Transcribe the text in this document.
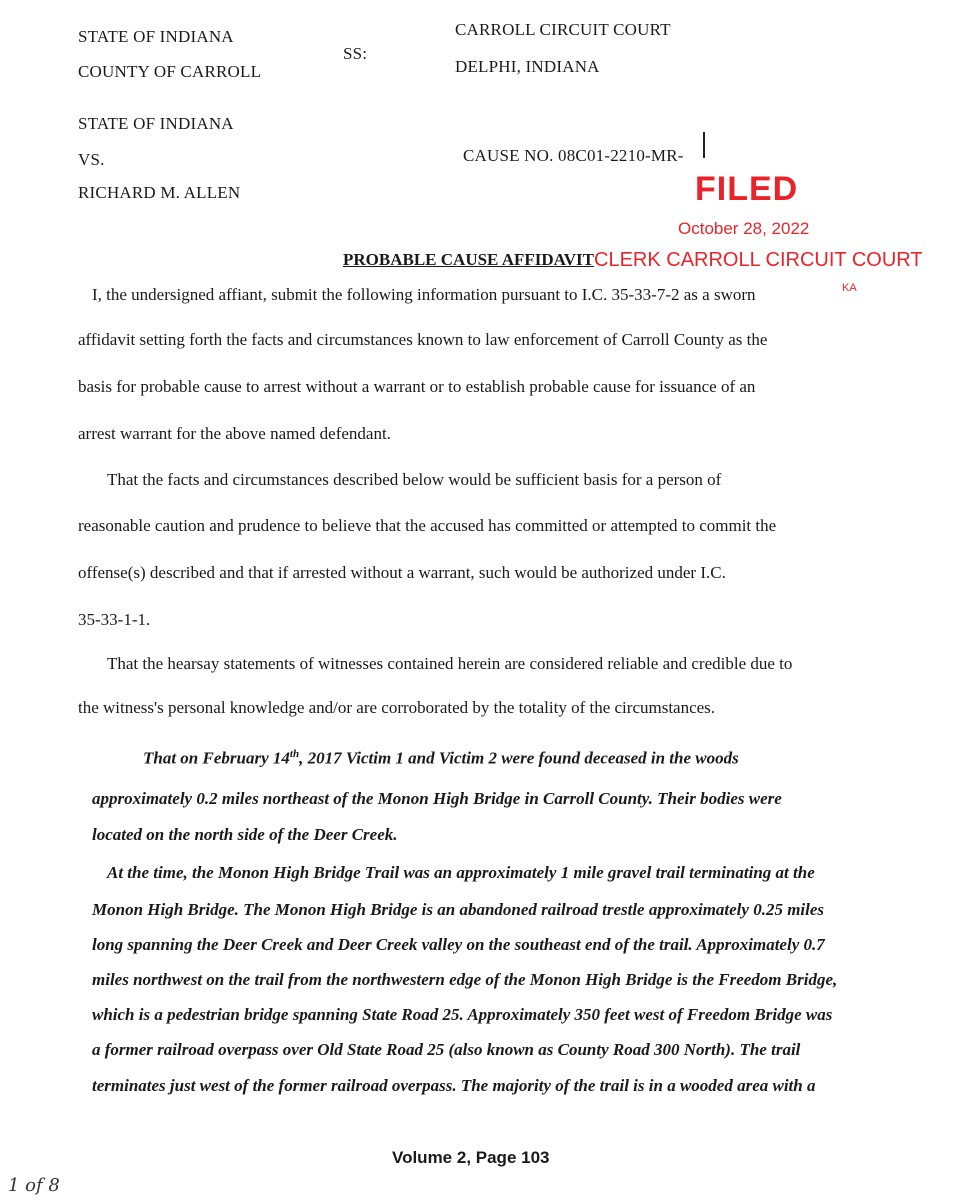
STATE OF INDIANA
COUNTY OF CARROLL
SS:
CARROLL CIRCUIT COURT
DELPHI, INDIANA
STATE OF INDIANA
VS.
RICHARD M. ALLEN
CAUSE NO. 08C01-2210-MR-
FILED
October 28, 2022
CLERK CARROLL CIRCUIT COURT
KA
PROBABLE CAUSE AFFIDAVIT
I, the undersigned affiant, submit the following information pursuant to I.C. 35-33-7-2 as a sworn
affidavit setting forth the facts and circumstances known to law enforcement of Carroll County as the
basis for probable cause to arrest without a warrant or to establish probable cause for issuance of an
arrest warrant for the above named defendant.
That the facts and circumstances described below would be sufficient basis for a person of
reasonable caution and prudence to believe that the accused has committed or attempted to commit the
offense(s) described and that if arrested without a warrant, such would be authorized under I.C.
35-33-1-1.
That the hearsay statements of witnesses contained herein are considered reliable and credible due to
the witness's personal knowledge and/or are corroborated by the totality of the circumstances.
That on February 14th, 2017 Victim 1 and Victim 2 were found deceased in the woods
approximately 0.2 miles northeast of the Monon High Bridge in Carroll County. Their bodies were
located on the north side of the Deer Creek.
At the time, the Monon High Bridge Trail was an approximately 1 mile gravel trail terminating at the
Monon High Bridge. The Monon High Bridge is an abandoned railroad trestle approximately 0.25 miles
long spanning the Deer Creek and Deer Creek valley on the southeast end of the trail. Approximately 0.7
miles northwest on the trail from the northwestern edge of the Monon High Bridge is the Freedom Bridge,
which is a pedestrian bridge spanning State Road 25. Approximately 350 feet west of Freedom Bridge was
a former railroad overpass over Old State Road 25 (also known as County Road 300 North). The trail
terminates just west of the former railroad overpass. The majority of the trail is in a wooded area with a
Volume 2, Page 103
1 of 8
